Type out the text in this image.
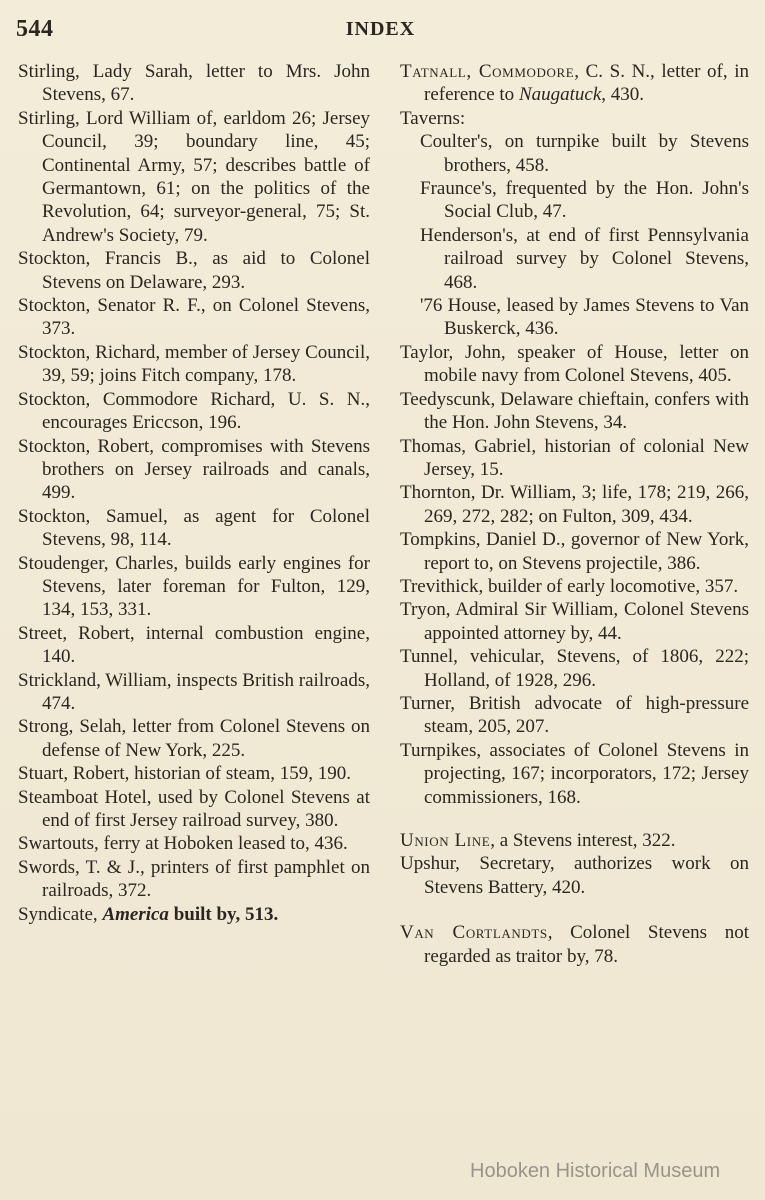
544	INDEX

Stirling, Lady Sarah, letter to Mrs. John Stevens, 67.

Stirling, Lord William of, earldom 26; Jersey Council, 39; boundary line, 45; Continental Army, 57; describes battle of Germantown, 61; on the politics of the Revolution, 64; surveyor-general, 75; St. Andrew's Society, 79.

Stockton, Francis B., as aid to Colonel Stevens on Delaware, 293.

Stockton, Senator R. F., on Colonel Stevens, 373.

Stockton, Richard, member of Jersey Council, 39, 59; joins Fitch company, 178.

Stockton, Commodore Richard, U. S. N., encourages Ericcson, 196.

Stockton, Robert, compromises with Stevens brothers on Jersey railroads and canals, 499.

Stockton, Samuel, as agent for Colonel Stevens, 98, 114.

Stoudenger, Charles, builds early engines for Stevens, later foreman for Fulton, 129, 134, 153, 331.

Street, Robert, internal combustion engine, 140.

Strickland, William, inspects British railroads, 474.

Strong, Selah, letter from Colonel Stevens on defense of New York, 225.

Stuart, Robert, historian of steam, 159, 190.

Steamboat Hotel, used by Colonel Stevens at end of first Jersey railroad survey, 380.

Swartouts, ferry at Hoboken leased to, 436.

Swords, T. & J., printers of first pamphlet on railroads, 372.

Syndicate, America built by, 513.

Tatnall, Commodore, C. S. N., letter of, in reference to Naugatuck, 430.

Taverns:

Coulter's, on turnpike built by Stevens brothers, 458.

Fraunce's, frequented by the Hon. John's Social Club, 47.

Henderson's, at end of first Pennsylvania railroad survey by Colonel Stevens, 468.

'76 House, leased by James Stevens to Van Buskerck, 436.

Taylor, John, speaker of House, letter on mobile navy from Colonel Stevens, 405.

Teedyscunk, Delaware chieftain, confers with the Hon. John Stevens, 34.

Thomas, Gabriel, historian of colonial New Jersey, 15.

Thornton, Dr. William, 3; life, 178; 219, 266, 269, 272, 282; on Fulton, 309, 434.

Tompkins, Daniel D., governor of New York, report to, on Stevens projectile, 386.

Trevithick, builder of early locomotive, 357.

Tryon, Admiral Sir William, Colonel Stevens appointed attorney by, 44.

Tunnel, vehicular, Stevens, of 1806, 222; Holland, of 1928, 296.

Turner, British advocate of high-pressure steam, 205, 207.

Turnpikes, associates of Colonel Stevens in projecting, 167; incorporators, 172; Jersey commissioners, 168.

Union Line, a Stevens interest, 322.

Upshur, Secretary, authorizes work on Stevens Battery, 420.

Van Cortlandts, Colonel Stevens not regarded as traitor by, 78.

Hoboken Historical Museum
